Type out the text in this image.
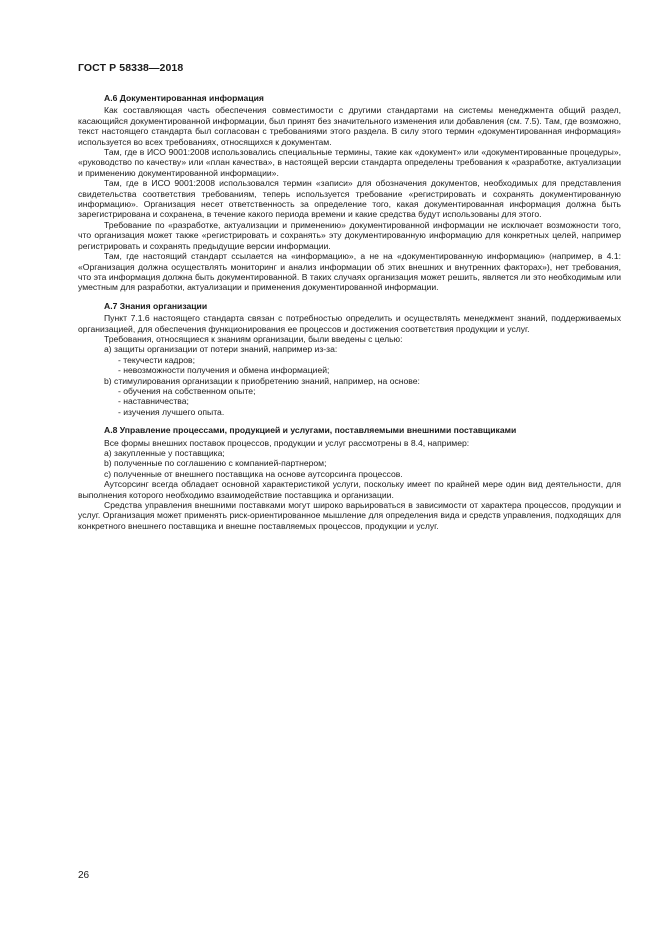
ГОСТ Р 58338—2018
А.6 Документированная информация

Как составляющая часть обеспечения совместимости с другими стандартами на системы менеджмента общий раздел, касающийся документированной информации, был принят без значительного изменения или добавления (см. 7.5). Там, где возможно, текст настоящего стандарта был согласован с требованиями этого раздела. В силу этого термин «документированная информация» используется во всех требованиях, относящихся к документам.

Там, где в ИСО 9001:2008 использовались специальные термины, такие как «документ» или «документированные процедуры», «руководство по качеству» или «план качества», в настоящей версии стандарта определены требования к «разработке, актуализации и применению документированной информации».

Там, где в ИСО 9001:2008 использовался термин «записи» для обозначения документов, необходимых для представления свидетельства соответствия требованиям, теперь используется требование «регистрировать и сохранять документированную информацию». Организация несет ответственность за определение того, какая документированная информация должна быть зарегистрирована и сохранена, в течение какого периода времени и какие средства будут использованы для этого.

Требование по «разработке, актуализации и применению» документированной информации не исключает возможности того, что организация может также «регистрировать и сохранять» эту документированную информацию для конкретных целей, например регистрировать и сохранять предыдущие версии информации.

Там, где настоящий стандарт ссылается на «информацию», а не на «документированную информацию» (например, в 4.1: «Организация должна осуществлять мониторинг и анализ информации об этих внешних и внутренних факторах»), нет требования, что эта информация должна быть документированной. В таких случаях организация может решить, является ли это необходимым или уместным для разработки, актуализации и применения документированной информации.

А.7 Знания организации

Пункт 7.1.6 настоящего стандарта связан с потребностью определить и осуществлять менеджмент знаний, поддерживаемых организацией, для обеспечения функционирования ее процессов и достижения соответствия продукции и услуг.

Требования, относящиеся к знаниям организации, были введены с целью:

а) защиты организации от потери знаний, например из-за:

- текучести кадров;

- невозможности получения и обмена информацией;

b) стимулирования организации к приобретению знаний, например, на основе:

- обучения на собственном опыте;

- наставничества;

- изучения лучшего опыта.

А.8 Управление процессами, продукцией и услугами, поставляемыми внешними поставщиками

Все формы внешних поставок процессов, продукции и услуг рассмотрены в 8.4, например:

а) закупленные у поставщика;

b) полученные по соглашению с компанией-партнером;

c) полученные от внешнего поставщика на основе аутсорсинга процессов.

Аутсорсинг всегда обладает основной характеристикой услуги, поскольку имеет по крайней мере один вид деятельности, для выполнения которого необходимо взаимодействие поставщика и организации.

Средства управления внешними поставками могут широко варьироваться в зависимости от характера процессов, продукции и услуг. Организация может применять риск-ориентированное мышление для определения вида и средств управления, подходящих для конкретного внешнего поставщика и внешне поставляемых процессов, продукции и услуг.

26
